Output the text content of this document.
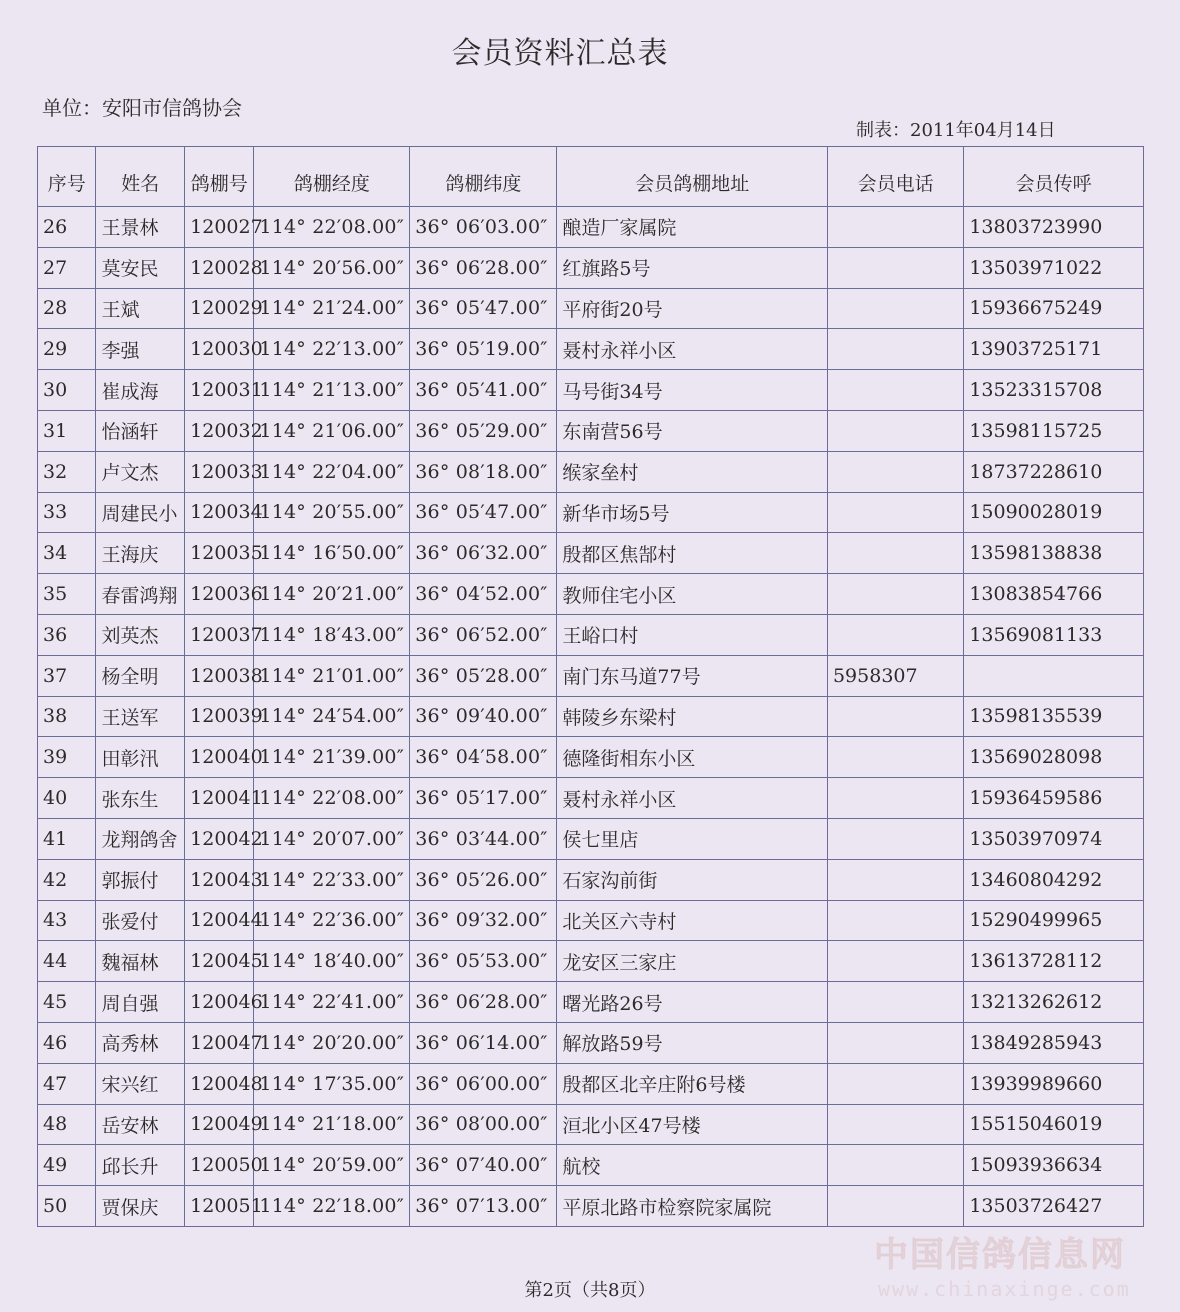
会员资料汇总表
单位：安阳市信鸽协会
制表：2011年04月14日
序号	姓名	鸽棚号	鸽棚经度	鸽棚纬度	会员鸽棚地址	会员电话	会员传呼
26	王景林	120027	114° 22′08.00″	36° 06′03.00″	酿造厂家属院		13803723990
27	莫安民	120028	114° 20′56.00″	36° 06′28.00″	红旗路5号		13503971022
28	王斌	120029	114° 21′24.00″	36° 05′47.00″	平府街20号		15936675249
29	李强	120030	114° 22′13.00″	36° 05′19.00″	聂村永祥小区		13903725171
30	崔成海	120031	114° 21′13.00″	36° 05′41.00″	马号街34号		13523315708
31	怡涵轩	120032	114° 21′06.00″	36° 05′29.00″	东南营56号		13598115725
32	卢文杰	120033	114° 22′04.00″	36° 08′18.00″	缑家垒村		18737228610
33	周建民小	120034	114° 20′55.00″	36° 05′47.00″	新华市场5号		15090028019
34	王海庆	120035	114° 16′50.00″	36° 06′32.00″	殷都区焦郜村		13598138838
35	春雷鸿翔	120036	114° 20′21.00″	36° 04′52.00″	教师住宅小区		13083854766
36	刘英杰	120037	114° 18′43.00″	36° 06′52.00″	王峪口村		13569081133
37	杨全明	120038	114° 21′01.00″	36° 05′28.00″	南门东马道77号	5958307	
38	王送军	120039	114° 24′54.00″	36° 09′40.00″	韩陵乡东梁村		13598135539
39	田彰汛	120040	114° 21′39.00″	36° 04′58.00″	德隆街相东小区		13569028098
40	张东生	120041	114° 22′08.00″	36° 05′17.00″	聂村永祥小区		15936459586
41	龙翔鸽舍	120042	114° 20′07.00″	36° 03′44.00″	侯七里店		13503970974
42	郭振付	120043	114° 22′33.00″	36° 05′26.00″	石家沟前街		13460804292
43	张爱付	120044	114° 22′36.00″	36° 09′32.00″	北关区六寺村		15290499965
44	魏福林	120045	114° 18′40.00″	36° 05′53.00″	龙安区三家庄		13613728112
45	周自强	120046	114° 22′41.00″	36° 06′28.00″	曙光路26号		13213262612
46	高秀林	120047	114° 20′20.00″	36° 06′14.00″	解放路59号		13849285943
47	宋兴红	120048	114° 17′35.00″	36° 06′00.00″	殷都区北辛庄附6号楼		13939989660
48	岳安林	120049	114° 21′18.00″	36° 08′00.00″	洹北小区47号楼		15515046019
49	邱长升	120050	114° 20′59.00″	36° 07′40.00″	航校		15093936634
50	贾保庆	120051	114° 22′18.00″	36° 07′13.00″	平原北路市检察院家属院		13503726427
第2页（共8页）
中国信鸽信息网
www.chinaxinge.com
